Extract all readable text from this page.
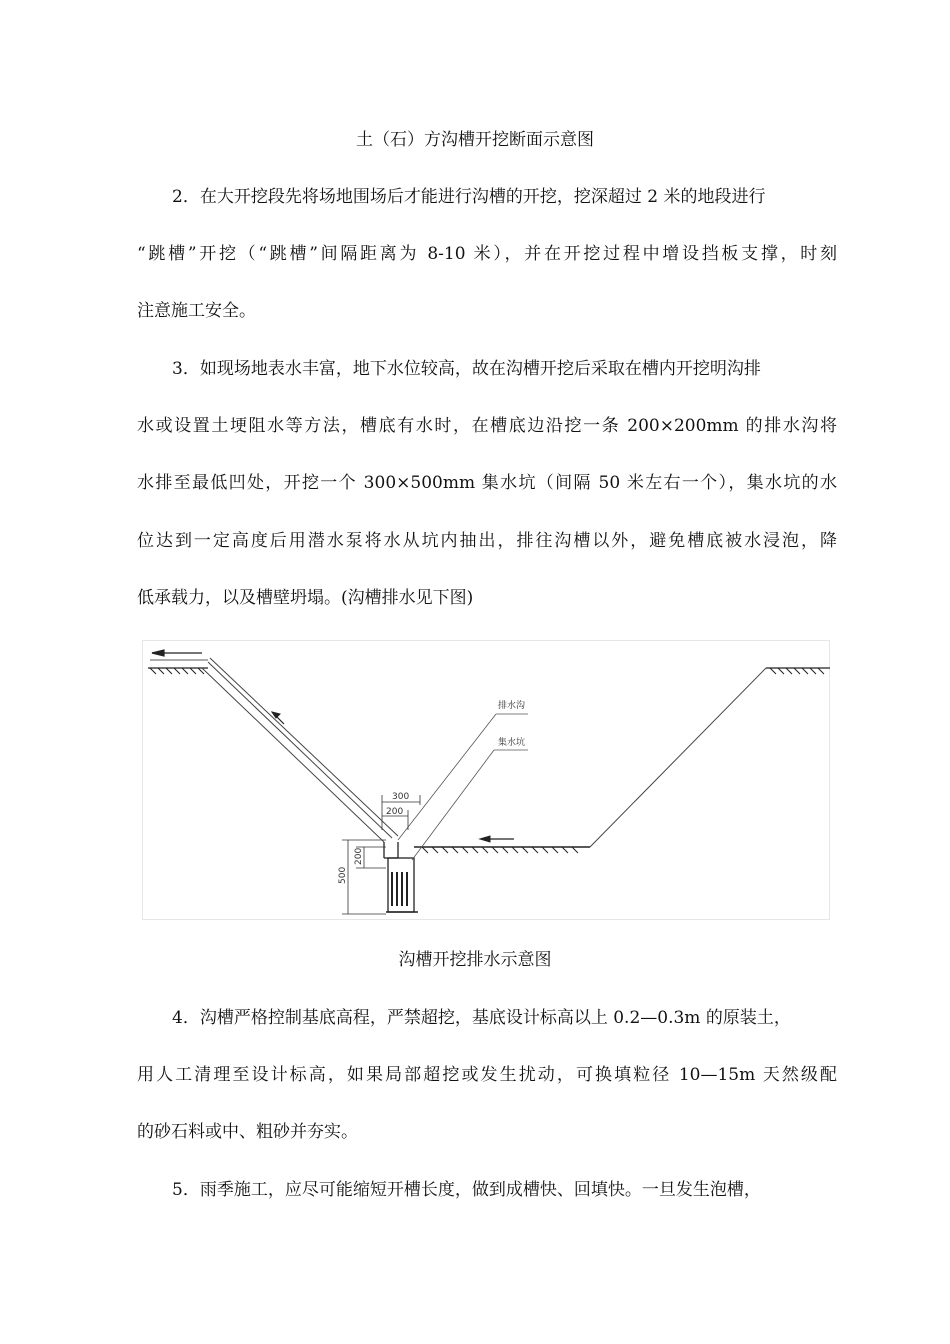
土（石）方沟槽开挖断面示意图
2．在大开挖段先将场地围场后才能进行沟槽的开挖，挖深超过 2 米的地段进行
“跳槽”开挖（“跳槽”间隔距离为 8-10 米），并在开挖过程中增设挡板支撑，时刻
注意施工安全。
3．如现场地表水丰富，地下水位较高，故在沟槽开挖后采取在槽内开挖明沟排
水或设置土埂阻水等方法，槽底有水时，在槽底边沿挖一条 200×200mm 的排水沟将
水排至最低凹处，开挖一个 300×500mm 集水坑（间隔 50 米左右一个），集水坑的水
位达到一定高度后用潜水泵将水从坑内抽出，排往沟槽以外，避免槽底被水浸泡，降
低承载力，以及槽壁坍塌。(沟槽排水见下图)
排水沟
集水坑
300
200
200
500
沟槽开挖排水示意图
4．沟槽严格控制基底高程，严禁超挖，基底设计标高以上 0.2—0.3m 的原装土，
用人工清理至设计标高，如果局部超挖或发生扰动，可换填粒径 10—15m 天然级配
的砂石料或中、粗砂并夯实。
5．雨季施工，应尽可能缩短开槽长度，做到成槽快、回填快。一旦发生泡槽，
